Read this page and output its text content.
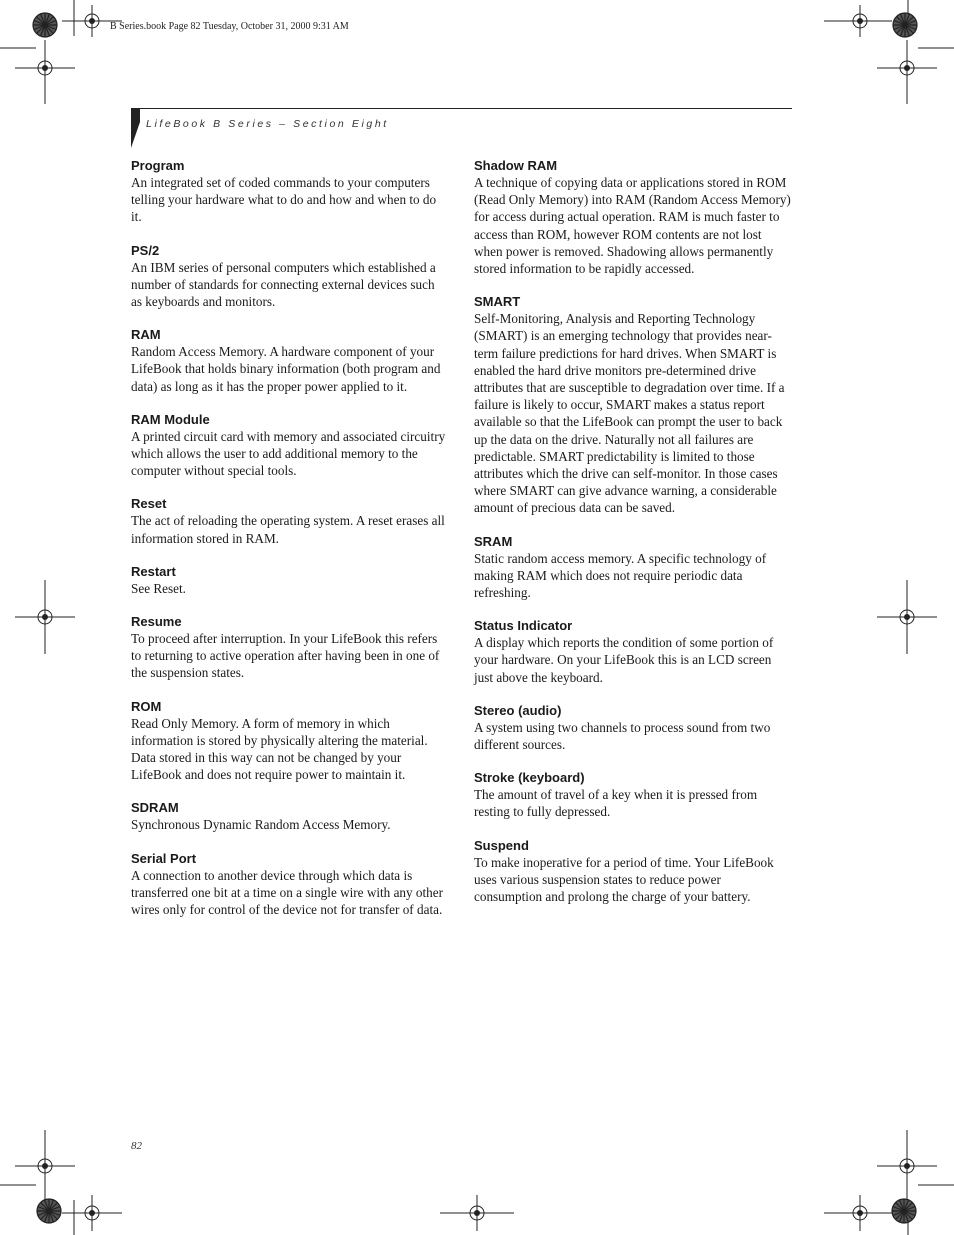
B Series.book Page 82 Tuesday, October 31, 2000 9:31 AM
LifeBook B Series – Section Eight

Program

An integrated set of coded commands to your computers telling your hardware what to do and how and when to do it.

PS/2

An IBM series of personal computers which established a number of standards for connecting external devices such as keyboards and monitors.

RAM

Random Access Memory. A hardware component of your LifeBook that holds binary information (both program and data) as long as it has the proper power applied to it.

RAM Module

A printed circuit card with memory and associated circuitry which allows the user to add additional memory to the computer without special tools.

Reset

The act of reloading the operating system. A reset erases all information stored in RAM.

Restart

See Reset.

Resume

To proceed after interruption. In your LifeBook this refers to returning to active operation after having been in one of the suspension states.

ROM

Read Only Memory. A form of memory in which information is stored by physically altering the material. Data stored in this way can not be changed by your LifeBook and does not require power to maintain it.

SDRAM

Synchronous Dynamic Random Access Memory.

Serial Port

A connection to another device through which data is transferred one bit at a time on a single wire with any other wires only for control of the device not for transfer of data.

Shadow RAM

A technique of copying data or applications stored in ROM (Read Only Memory) into RAM (Random Access Memory) for access during actual operation. RAM is much faster to access than ROM, however ROM contents are not lost when power is removed. Shadowing allows permanently stored information to be rapidly accessed.

SMART

Self-Monitoring, Analysis and Reporting Technology (SMART) is an emerging technology that provides near-term failure predictions for hard drives. When SMART is enabled the hard drive monitors pre-determined drive attributes that are susceptible to degradation over time. If a failure is likely to occur, SMART makes a status report available so that the LifeBook can prompt the user to back up the data on the drive. Naturally not all failures are predictable. SMART predictability is limited to those attributes which the drive can self-monitor. In those cases where SMART can give advance warning, a considerable amount of precious data can be saved.

SRAM

Static random access memory. A specific technology of making RAM which does not require periodic data refreshing.

Status Indicator

A display which reports the condition of some portion of your hardware. On your LifeBook this is an LCD screen just above the keyboard.

Stereo (audio)

A system using two channels to process sound from two different sources.

Stroke (keyboard)

The amount of travel of a key when it is pressed from resting to fully depressed.

Suspend

To make inoperative for a period of time. Your LifeBook uses various suspension states to reduce power consumption and prolong the charge of your battery.

82
